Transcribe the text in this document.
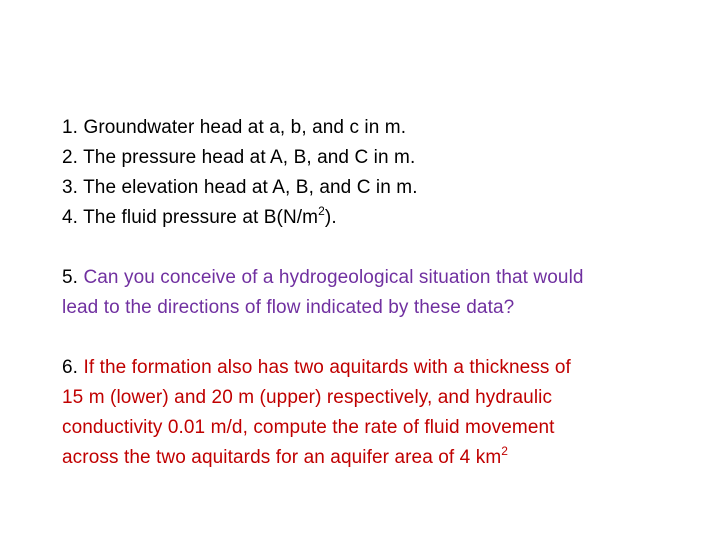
1. Groundwater head at a, b, and c in m.
2. The pressure head at A, B, and C in m.
3. The elevation head at A, B, and C in m.
4. The fluid pressure at $B(N/m^2)$.
5. Can you conceive of a hydrogeological situation that would
lead to the directions of flow indicated by these data?
6. If the formation also has two aquitards with a thickness of
15 m (lower) and 20 m (upper) respectively, and hydraulic
conductivity 0.01 m/d, compute the rate of fluid movement
across the two aquitards for an aquifer area of 4 $km^2$
